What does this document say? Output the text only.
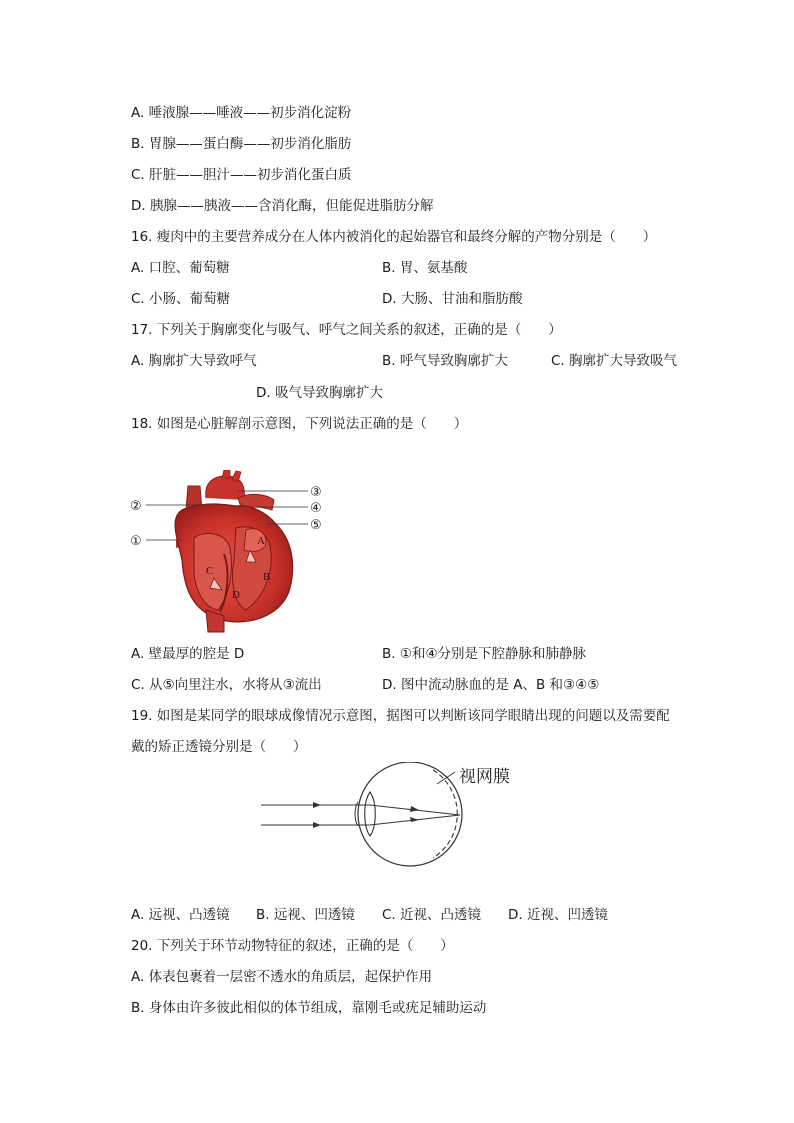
A. 唾液腺——唾液——初步消化淀粉
B. 胃腺——蛋白酶——初步消化脂肪
C. 肝脏——胆汁——初步消化蛋白质
D. 胰腺——胰液——含消化酶，但能促进脂肪分解
16. 瘦肉中的主要营养成分在人体内被消化的起始器官和最终分解的产物分别是（　　）
A. 口腔、葡萄糖	B. 胃、氨基酸
C. 小肠、葡萄糖	D. 大肠、甘油和脂肪酸
17. 下列关于胸廓变化与吸气、呼气之间关系的叙述，正确的是（　　）
A. 胸廓扩大导致呼气	B. 呼气导致胸廓扩大	C. 胸廓扩大导致吸气
D. 吸气导致胸廓扩大
18. 如图是心脏解剖示意图，下列说法正确的是（　　）
②
①
③
④
⑤
A
B
C
D
A. 壁最厚的腔是 D	B. ①和④分别是下腔静脉和肺静脉
C. 从⑤向里注水，水将从③流出	D. 图中流动脉血的是 A、B 和③④⑤
19. 如图是某同学的眼球成像情况示意图，据图可以判断该同学眼睛出现的问题以及需要配
戴的矫正透镜分别是（　　）
视网膜
A. 远视、凸透镜 B. 远视、凹透镜 C. 近视、凸透镜 D. 近视、凹透镜
20. 下列关于环节动物特征的叙述，正确的是（　　）
A. 体表包裹着一层密不透水的角质层，起保护作用
B. 身体由许多彼此相似的体节组成，靠刚毛或疣足辅助运动
